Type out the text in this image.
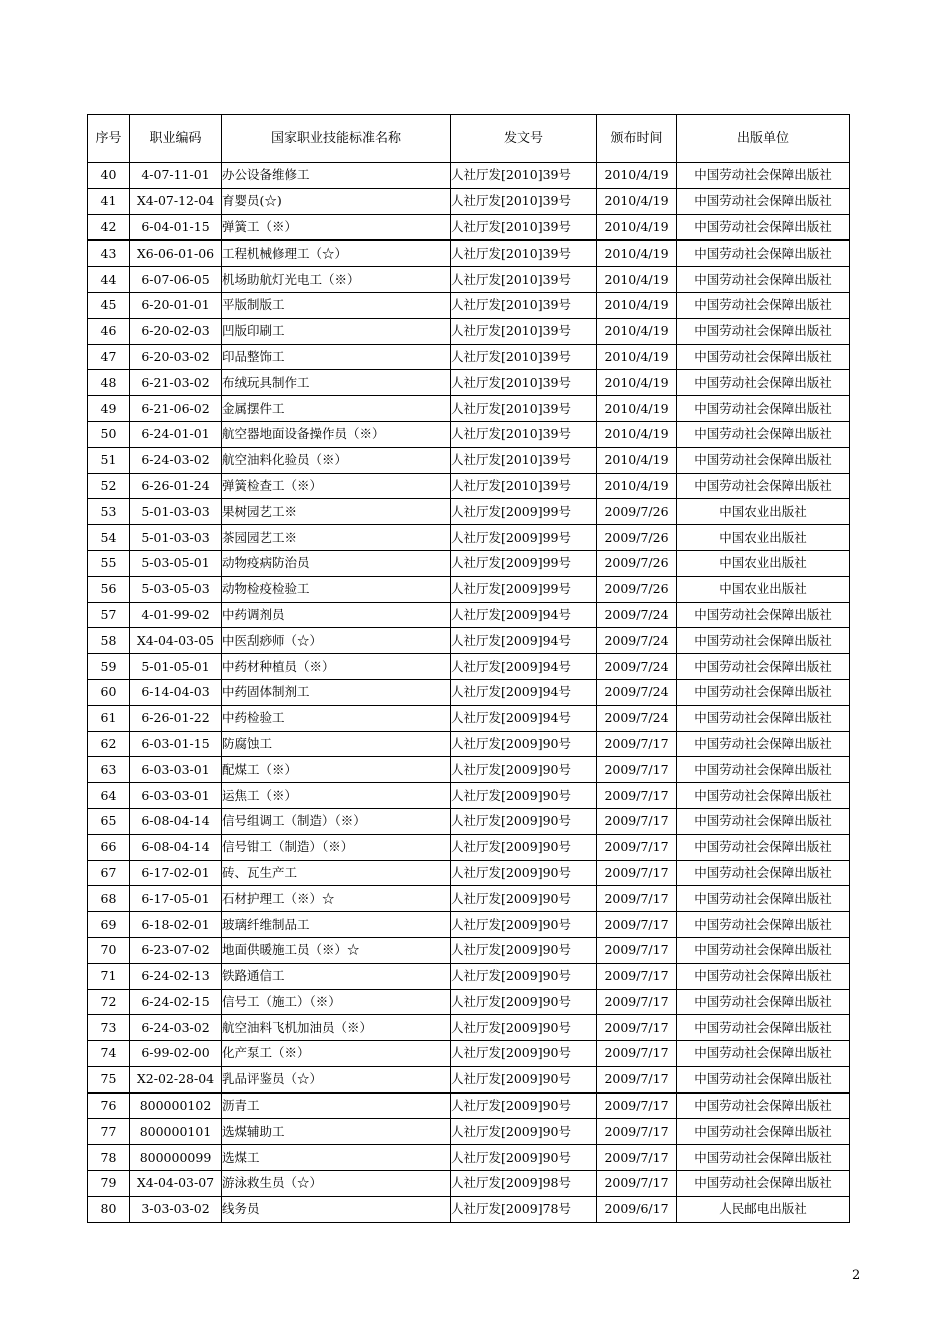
序号	职业编码	国家职业技能标准名称	发文号	颁布时间	出版单位
40	4-07-11-01	办公设备维修工	人社厅发[2010]39号	2010/4/19	中国劳动社会保障出版社
41	X4-07-12-04	育婴员(☆)	人社厅发[2010]39号	2010/4/19	中国劳动社会保障出版社
42	6-04-01-15	弹簧工（※）	人社厅发[2010]39号	2010/4/19	中国劳动社会保障出版社
43	X6-06-01-06	工程机械修理工（☆）	人社厅发[2010]39号	2010/4/19	中国劳动社会保障出版社
44	6-07-06-05	机场助航灯光电工（※）	人社厅发[2010]39号	2010/4/19	中国劳动社会保障出版社
45	6-20-01-01	平版制版工	人社厅发[2010]39号	2010/4/19	中国劳动社会保障出版社
46	6-20-02-03	凹版印刷工	人社厅发[2010]39号	2010/4/19	中国劳动社会保障出版社
47	6-20-03-02	印品整饰工	人社厅发[2010]39号	2010/4/19	中国劳动社会保障出版社
48	6-21-03-02	布绒玩具制作工	人社厅发[2010]39号	2010/4/19	中国劳动社会保障出版社
49	6-21-06-02	金属摆件工	人社厅发[2010]39号	2010/4/19	中国劳动社会保障出版社
50	6-24-01-01	航空器地面设备操作员（※）	人社厅发[2010]39号	2010/4/19	中国劳动社会保障出版社
51	6-24-03-02	航空油料化验员（※）	人社厅发[2010]39号	2010/4/19	中国劳动社会保障出版社
52	6-26-01-24	弹簧检查工（※）	人社厅发[2010]39号	2010/4/19	中国劳动社会保障出版社
53	5-01-03-03	果树园艺工※	人社厅发[2009]99号	2009/7/26	中国农业出版社
54	5-01-03-03	茶园园艺工※	人社厅发[2009]99号	2009/7/26	中国农业出版社
55	5-03-05-01	动物疫病防治员	人社厅发[2009]99号	2009/7/26	中国农业出版社
56	5-03-05-03	动物检疫检验工	人社厅发[2009]99号	2009/7/26	中国农业出版社
57	4-01-99-02	中药调剂员	人社厅发[2009]94号	2009/7/24	中国劳动社会保障出版社
58	X4-04-03-05	中医刮痧师（☆）	人社厅发[2009]94号	2009/7/24	中国劳动社会保障出版社
59	5-01-05-01	中药材种植员（※）	人社厅发[2009]94号	2009/7/24	中国劳动社会保障出版社
60	6-14-04-03	中药固体制剂工	人社厅发[2009]94号	2009/7/24	中国劳动社会保障出版社
61	6-26-01-22	中药检验工	人社厅发[2009]94号	2009/7/24	中国劳动社会保障出版社
62	6-03-01-15	防腐蚀工	人社厅发[2009]90号	2009/7/17	中国劳动社会保障出版社
63	6-03-03-01	配煤工（※）	人社厅发[2009]90号	2009/7/17	中国劳动社会保障出版社
64	6-03-03-01	运焦工（※）	人社厅发[2009]90号	2009/7/17	中国劳动社会保障出版社
65	6-08-04-14	信号组调工（制造）（※）	人社厅发[2009]90号	2009/7/17	中国劳动社会保障出版社
66	6-08-04-14	信号钳工（制造）（※）	人社厅发[2009]90号	2009/7/17	中国劳动社会保障出版社
67	6-17-02-01	砖、瓦生产工	人社厅发[2009]90号	2009/7/17	中国劳动社会保障出版社
68	6-17-05-01	石材护理工（※）☆	人社厅发[2009]90号	2009/7/17	中国劳动社会保障出版社
69	6-18-02-01	玻璃纤维制品工	人社厅发[2009]90号	2009/7/17	中国劳动社会保障出版社
70	6-23-07-02	地面供暖施工员（※）☆	人社厅发[2009]90号	2009/7/17	中国劳动社会保障出版社
71	6-24-02-13	铁路通信工	人社厅发[2009]90号	2009/7/17	中国劳动社会保障出版社
72	6-24-02-15	信号工（施工）（※）	人社厅发[2009]90号	2009/7/17	中国劳动社会保障出版社
73	6-24-03-02	航空油料飞机加油员（※）	人社厅发[2009]90号	2009/7/17	中国劳动社会保障出版社
74	6-99-02-00	化产泵工（※）	人社厅发[2009]90号	2009/7/17	中国劳动社会保障出版社
75	X2-02-28-04	乳品评鉴员（☆）	人社厅发[2009]90号	2009/7/17	中国劳动社会保障出版社
76	800000102	沥青工	人社厅发[2009]90号	2009/7/17	中国劳动社会保障出版社
77	800000101	选煤辅助工	人社厅发[2009]90号	2009/7/17	中国劳动社会保障出版社
78	800000099	选煤工	人社厅发[2009]90号	2009/7/17	中国劳动社会保障出版社
79	X4-04-03-07	游泳救生员（☆）	人社厅发[2009]98号	2009/7/17	中国劳动社会保障出版社
80	3-03-03-02	线务员	人社厅发[2009]78号	2009/6/17	人民邮电出版社
2
